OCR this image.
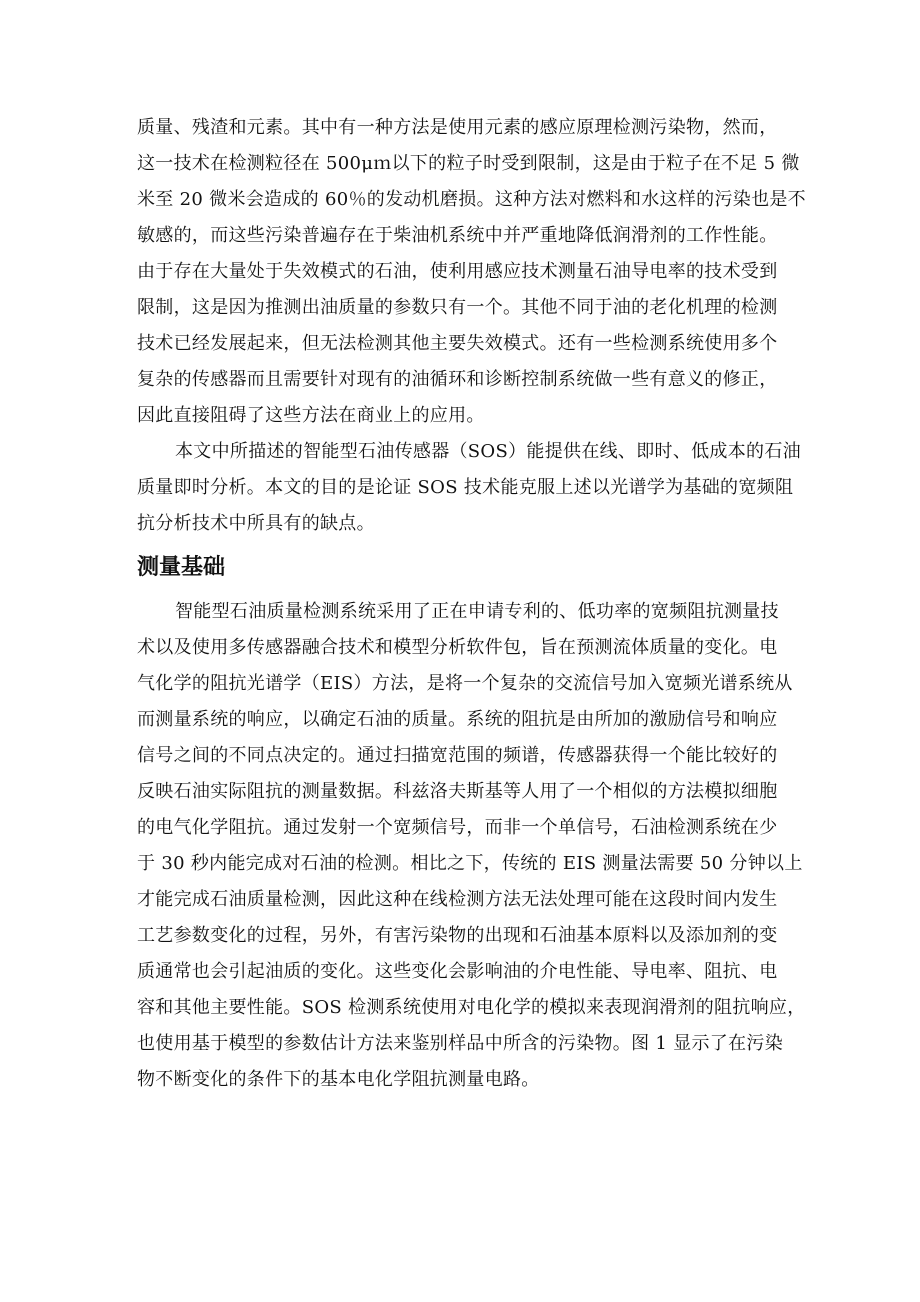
质量、残渣和元素。其中有一种方法是使用元素的感应原理检测污染物，然而，
这一技术在检测粒径在 500μｍ以下的粒子时受到限制，这是由于粒子在不足 5 微
米至 20 微米会造成的 60％的发动机磨损。这种方法对燃料和水这样的污染也是不
敏感的，而这些污染普遍存在于柴油机系统中并严重地降低润滑剂的工作性能。
由于存在大量处于失效模式的石油，使利用感应技术测量石油导电率的技术受到
限制，这是因为推测出油质量的参数只有一个。其他不同于油的老化机理的检测
技术已经发展起来，但无法检测其他主要失效模式。还有一些检测系统使用多个
复杂的传感器而且需要针对现有的油循环和诊断控制系统做一些有意义的修正，
因此直接阻碍了这些方法在商业上的应用。
本文中所描述的智能型石油传感器（SOS）能提供在线、即时、低成本的石油
质量即时分析。本文的目的是论证 SOS 技术能克服上述以光谱学为基础的宽频阻
抗分析技术中所具有的缺点。
测量基础
智能型石油质量检测系统采用了正在申请专利的、低功率的宽频阻抗测量技
术以及使用多传感器融合技术和模型分析软件包，旨在预测流体质量的变化。电
气化学的阻抗光谱学（EIS）方法，是将一个复杂的交流信号加入宽频光谱系统从
而测量系统的响应，以确定石油的质量。系统的阻抗是由所加的激励信号和响应
信号之间的不同点决定的。通过扫描宽范围的频谱，传感器获得一个能比较好的
反映石油实际阻抗的测量数据。科兹洛夫斯基等人用了一个相似的方法模拟细胞
的电气化学阻抗。通过发射一个宽频信号，而非一个单信号，石油检测系统在少
于 30 秒内能完成对石油的检测。相比之下，传统的 EIS 测量法需要 50 分钟以上
才能完成石油质量检测，因此这种在线检测方法无法处理可能在这段时间内发生
工艺参数变化的过程，另外，有害污染物的出现和石油基本原料以及添加剂的变
质通常也会引起油质的变化。这些变化会影响油的介电性能、导电率、阻抗、电
容和其他主要性能。SOS 检测系统使用对电化学的模拟来表现润滑剂的阻抗响应，
也使用基于模型的参数估计方法来鉴别样品中所含的污染物。图 1 显示了在污染
物不断变化的条件下的基本电化学阻抗测量电路。
